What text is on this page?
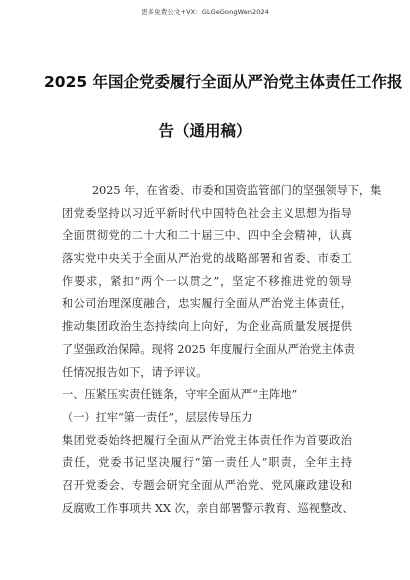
更多免费公文+VX：GLGeGongWen2024
2025 年国企党委履行全面从严治党主体责任工作报
告（通用稿）
2025 年，在省委、市委和国资监管部门的坚强领导下，集
团党委坚持以习近平新时代中国特色社会主义思想为指导
全面贯彻党的二十大和二十届三中、四中全会精神，认真
落实党中央关于全面从严治党的战略部署和省委、市委工
作要求，紧扣“两个一以贯之”，坚定不移推进党的领导
和公司治理深度融合，忠实履行全面从严治党主体责任，
推动集团政治生态持续向上向好，为企业高质量发展提供
了坚强政治保障。现将 2025 年度履行全面从严治党主体责
任情况报告如下，请予评议。
一、压紧压实责任链条，守牢全面从严“主阵地”
（一）扛牢“第一责任”，层层传导压力
集团党委始终把履行全面从严治党主体责任作为首要政治
责任，党委书记坚决履行“第一责任人”职责，全年主持
召开党委会、专题会研究全面从严治党、党风廉政建设和
反腐败工作事项共 XX 次，亲自部署警示教育、巡视整改、
